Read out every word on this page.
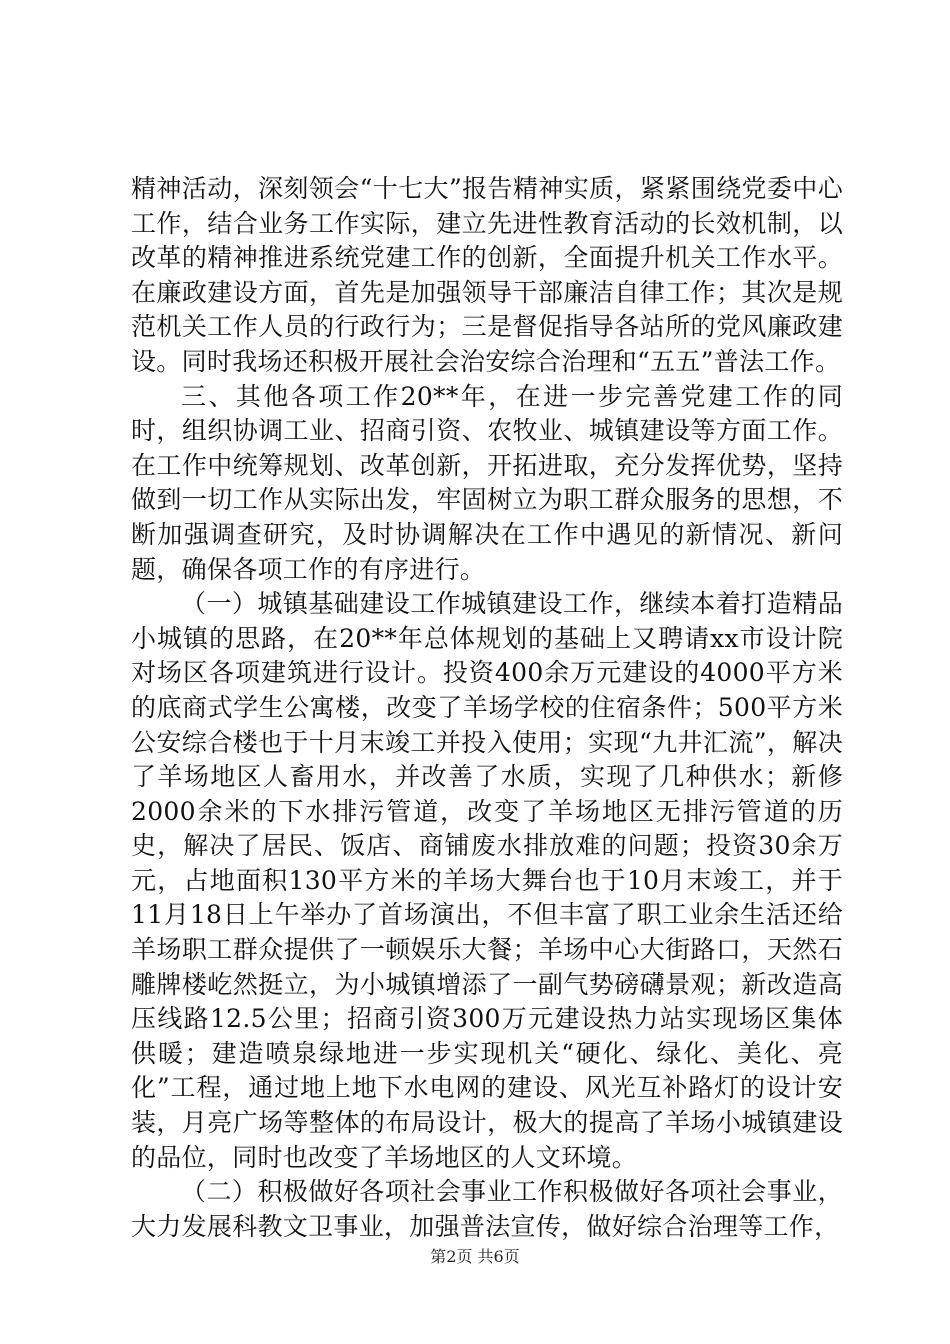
精神活动，深刻领会“十七大”报告精神实质，紧紧围绕党委中心工作，结合业务工作实际，建立先进性教育活动的长效机制，以改革的精神推进系统党建工作的创新，全面提升机关工作水平。在廉政建设方面，首先是加强领导干部廉洁自律工作；其次是规范机关工作人员的行政行为；三是督促指导各站所的党风廉政建设。同时我场还积极开展社会治安综合治理和“五五”普法工作。

三、其他各项工作20**年，在进一步完善党建工作的同时，组织协调工业、招商引资、农牧业、城镇建设等方面工作。在工作中统筹规划、改革创新，开拓进取，充分发挥优势，坚持做到一切工作从实际出发，牢固树立为职工群众服务的思想，不断加强调查研究，及时协调解决在工作中遇见的新情况、新问题，确保各项工作的有序进行。

（一）城镇基础建设工作城镇建设工作，继续本着打造精品小城镇的思路，在20**年总体规划的基础上又聘请xx市设计院对场区各项建筑进行设计。投资400余万元建设的4000平方米的底商式学生公寓楼，改变了羊场学校的住宿条件；500平方米公安综合楼也于十月末竣工并投入使用；实现“九井汇流”，解决了羊场地区人畜用水，并改善了水质，实现了几种供水；新修2000余米的下水排污管道，改变了羊场地区无排污管道的历史，解决了居民、饭店、商铺废水排放难的问题；投资30余万元，占地面积130平方米的羊场大舞台也于10月末竣工，并于11月18日上午举办了首场演出，不但丰富了职工业余生活还给羊场职工群众提供了一顿娱乐大餐；羊场中心大街路口，天然石雕牌楼屹然挺立，为小城镇增添了一副气势磅礴景观；新改造高压线路12.5公里；招商引资300万元建设热力站实现场区集体供暖；建造喷泉绿地进一步实现机关“硬化、绿化、美化、亮化”工程，通过地上地下水电网的建设、风光互补路灯的设计安装，月亮广场等整体的布局设计，极大的提高了羊场小城镇建设的品位，同时也改变了羊场地区的人文环境。

（二）积极做好各项社会事业工作积极做好各项社会事业，大力发展科教文卫事业，加强普法宣传，做好综合治理等工作，

第2页 共6页
